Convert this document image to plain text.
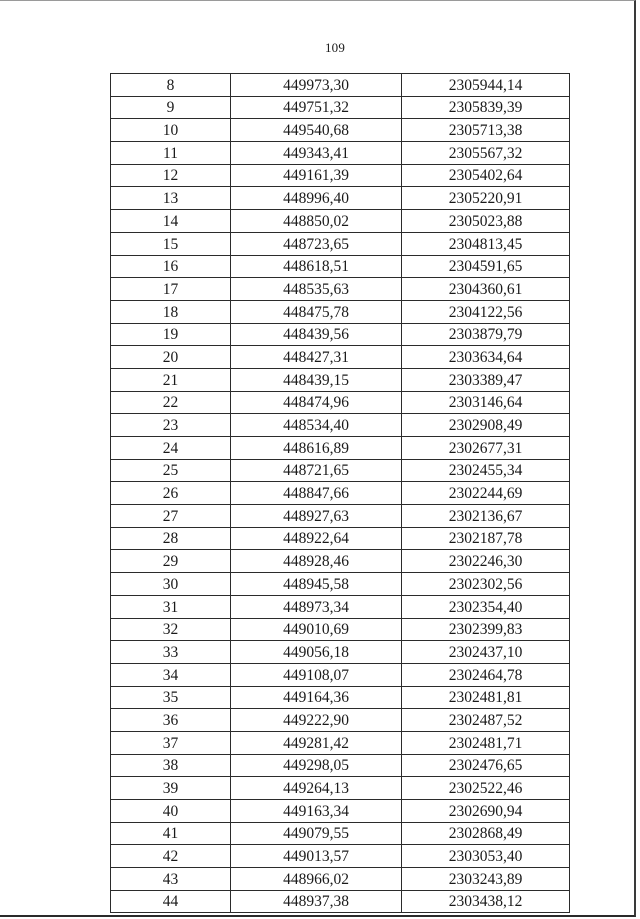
109
8	449973,30	2305944,14
9	449751,32	2305839,39
10	449540,68	2305713,38
11	449343,41	2305567,32
12	449161,39	2305402,64
13	448996,40	2305220,91
14	448850,02	2305023,88
15	448723,65	2304813,45
16	448618,51	2304591,65
17	448535,63	2304360,61
18	448475,78	2304122,56
19	448439,56	2303879,79
20	448427,31	2303634,64
21	448439,15	2303389,47
22	448474,96	2303146,64
23	448534,40	2302908,49
24	448616,89	2302677,31
25	448721,65	2302455,34
26	448847,66	2302244,69
27	448927,63	2302136,67
28	448922,64	2302187,78
29	448928,46	2302246,30
30	448945,58	2302302,56
31	448973,34	2302354,40
32	449010,69	2302399,83
33	449056,18	2302437,10
34	449108,07	2302464,78
35	449164,36	2302481,81
36	449222,90	2302487,52
37	449281,42	2302481,71
38	449298,05	2302476,65
39	449264,13	2302522,46
40	449163,34	2302690,94
41	449079,55	2302868,49
42	449013,57	2303053,40
43	448966,02	2303243,89
44	448937,38	2303438,12
